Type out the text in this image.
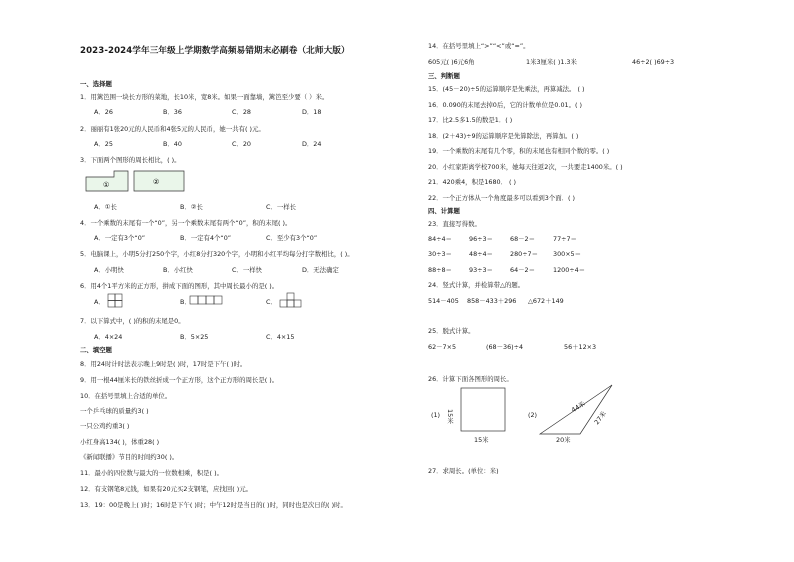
2023-2024学年三年级上学期数学高频易错期末必刷卷（北师大版）
一、选择题
1．用篱笆围一块长方形的菜地，长10米，宽8米。如果一面靠墙，篱笆至少要（ ）米。
A．26	B．36	C．28	D．18
2．丽丽有1张20元的人民币和4张5元的人民币，她一共有( )元。
A．25	B．40	C．20	D．24
3．下面两个图形的周长相比，( )。
①	②
A．①长	B．②长	C．一样长
4．一个乘数的末尾有一个“0”，另一个乘数末尾有两个“0”，积的末尾( )。
A．一定有3个“0”	B．一定有4个“0”	C．至少有3个“0”
5．电脑课上，小明5分打250个字，小红8分打320个字，小明和小红平均每分打字数相比，( )。
A．小明快	B．小红快	C．一样快	D．无法确定
6．用4个1平方米的正方形，拼成下面的图形，其中周长最小的是( )。
A．	B．	C．
7．以下算式中，( )的积的末尾是0。
A．4×24	B．5×25	C．4×15
二、填空题
8．用24时计时法表示晚上9时是( )时，17时是下午( )时。
9．用一根44厘米长的铁丝折成一个正方形，这个正方形的周长是( )。
10．在括号里填上合适的单位。
一个乒乓球的质量约3( )
一只公鸡约重3( )
小红身高134( )，体重28( )
《新闻联播》节目的时间约30( )。
11．最小的四位数与最大的一位数相乘，积是( )。
12．有支钢笔8元钱，如果有20元买2支钢笔，应找回( )元。
13．19：00是晚上( )时；16时是下午( )时；中午12时是当日的( )时，同时也是次日的( )时。
14．在括号里填上“>”“<”或“=”。
605元( )6元6角	1米3厘米( )1.3米	46÷2( )69÷3
三、判断题
15．(45－20)÷5的运算顺序是先乘法，再算减法。 ( )
16．0.090的末尾去掉0后，它的计数单位是0.01。( )
17．比2.5多1.5的数是1．( )
18．(2＋43)÷9的运算顺序是先算除法，再算加。( )
19．一个乘数的末尾有几个零，积的末尾也有相同个数的零。( )
20．小红家距离学校700米，她每天往返2次，一共要走1400米。( )
21．420乘4，积是1680． ( )
22．一个正方体从一个角度最多可以看到3个面．( )
四、计算题
23．直接写得数。
84÷4＝	96÷3＝	68－2＝	77÷7＝
30÷3＝	48÷4＝	280÷7＝ 300×5＝
88÷8＝	93÷3＝	64－2＝	1200÷4＝
24．竖式计算，并检算带△的题。
514－405 858－433＋296 △672＋149
25．脱式计算。
62－7×5	(68－36)÷4	56＋12×3
26．计算下面各图形的周长。
(1) 15米
15米
(2)
44米
27米
20米
27．求周长。(单位：米)
